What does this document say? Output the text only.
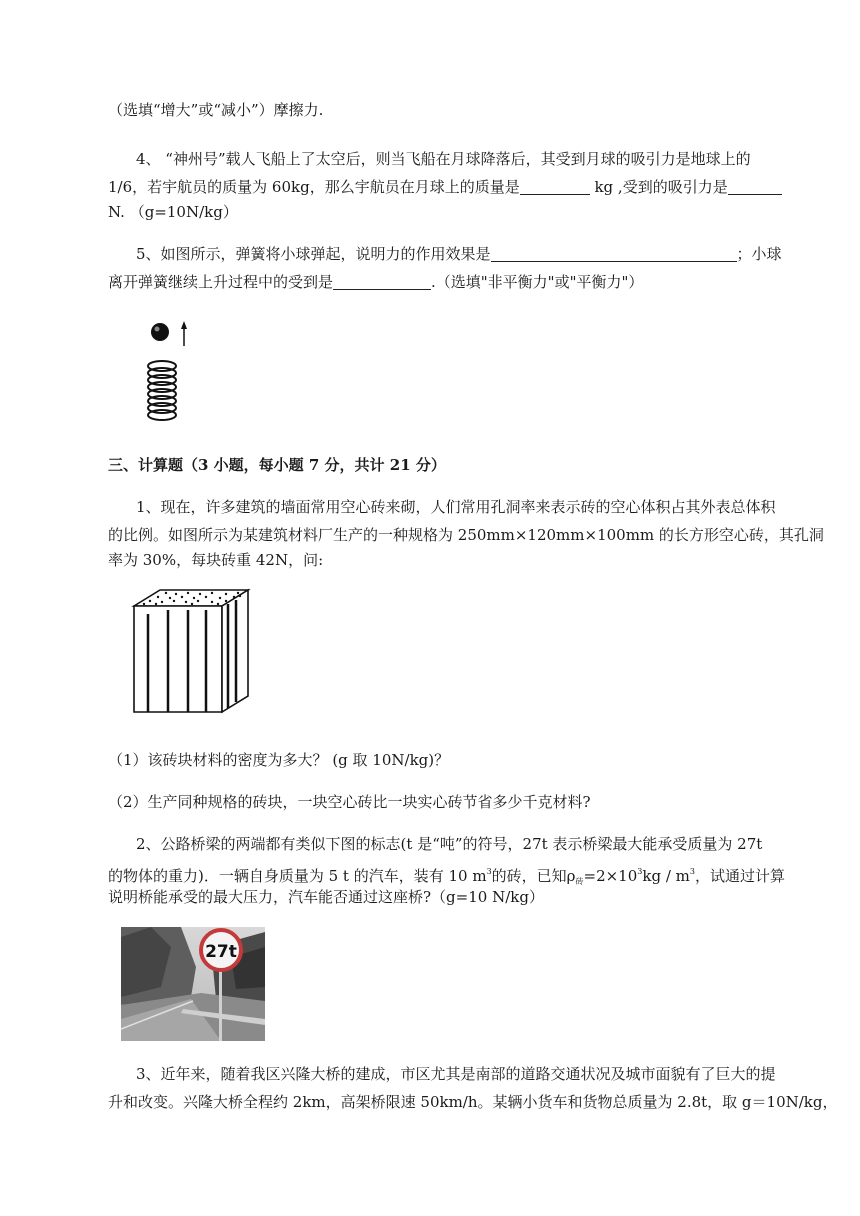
（选填“增大”或“减小”）摩擦力.
4、 “神州号”载人飞船上了太空后，则当飞船在月球降落后，其受到月球的吸引力是地球上的
1/6，若宇航员的质量为 60kg，那么宇航员在月球上的质量是	kg ,受到的吸引力是
N. （g=10N/kg）
5、如图所示，弹簧将小球弹起，说明力的作用效果是	；小球
离开弹簧继续上升过程中的受到是	.（选填"非平衡力"或"平衡力"）
三、计算题（3 小题，每小题 7 分，共计 21 分）
1、现在，许多建筑的墙面常用空心砖来砌，人们常用孔洞率来表示砖的空心体积占其外表总体积
的比例。如图所示为某建筑材料厂生产的一种规格为 250mm×120mm×100mm 的长方形空心砖，其孔洞
率为 30%，每块砖重 42N，问:
（1）该砖块材料的密度为多大？ (g 取 10N/kg)？
（2）生产同种规格的砖块，一块空心砖比一块实心砖节省多少千克材料?
2、公路桥梁的两端都有类似下图的标志(t 是“吨”的符号，27t 表示桥梁最大能承受质量为 27t
的物体的重力)．一辆自身质量为 5 t 的汽车，装有 10 $m^3$的砖，已知$\rho_砖=2\times 10^3kg / m^3$，试通过计算
说明桥能承受的最大压力，汽车能否通过这座桥?（g=10 N/kg）
27t
3、近年来，随着我区兴隆大桥的建成，市区尤其是南部的道路交通状况及城市面貌有了巨大的提
升和改变。兴隆大桥全程约 2km，高架桥限速 50km/h。某辆小货车和货物总质量为 2.8t，取 g＝10N/kg，
